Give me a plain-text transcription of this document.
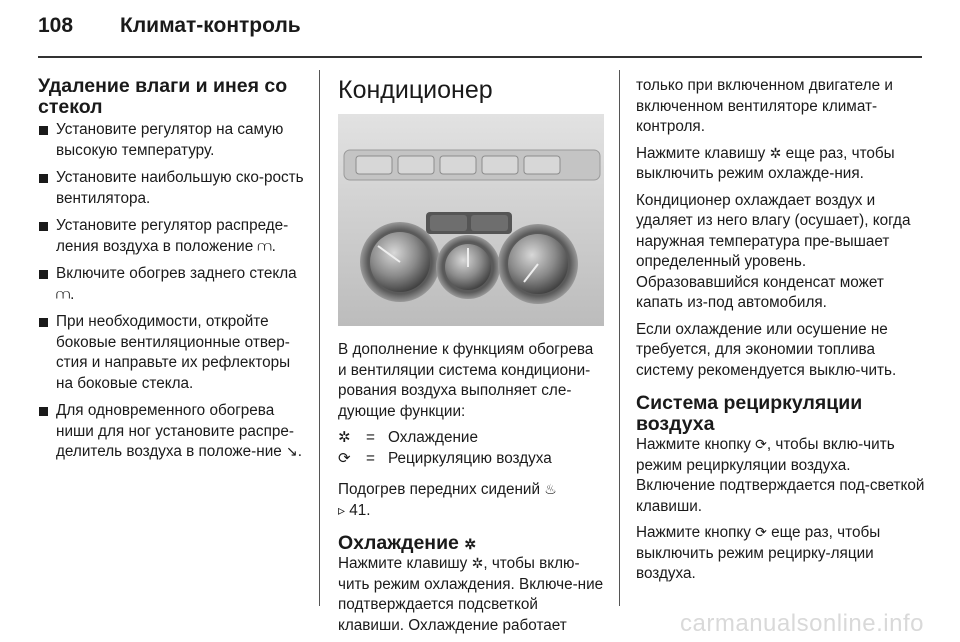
108 Климат-контроль
Удаление влаги и инея со стекол
Установите регулятор на самую высокую температуру.
Установите наибольшую ско-рость вентилятора.
Установите регулятор распреде-ления воздуха в положение ⩋.
Включите обогрев заднего стекла ⩋.
При необходимости, откройте боковые вентиляционные отвер-стия и направьте их рефлекторы на боковые стекла.
Для одновременного обогрева ниши для ног установите распре-делитель воздуха в положе-ние ↘.
Кондиционер

В дополнение к функциям обогрева и вентиляции система кондициони-рования воздуха выполняет сле-дующие функции:

✲	= Охлаждение
⟳	= Рециркуляцию воздуха

Подогрев передних сидений ♨
▹ 41.

Охлаждение ✲

Нажмите клавишу ✲, чтобы вклю-чить режим охлаждения. Включе-ние подтверждается подсветкой клавиши. Охлаждение работает

только при включенном двигателе и включенном вентиляторе климат-контроля.

Нажмите клавишу ✲ еще раз, чтобы выключить режим охлажде-ния.

Кондиционер охлаждает воздух и удаляет из него влагу (осушает), когда наружная температура пре-вышает определенный уровень. Образовавшийся конденсат может капать из-под автомобиля.

Если охлаждение или осушение не требуется, для экономии топлива систему рекомендуется выклю-чить.

Система рециркуляции воздуха

Нажмите кнопку ⟳, чтобы вклю-чить режим рециркуляции воздуха. Включение подтверждается под-светкой клавиши.

Нажмите кнопку ⟳ еще раз, чтобы выключить режим рецирку-ляции воздуха.

carmanualsonline.info
